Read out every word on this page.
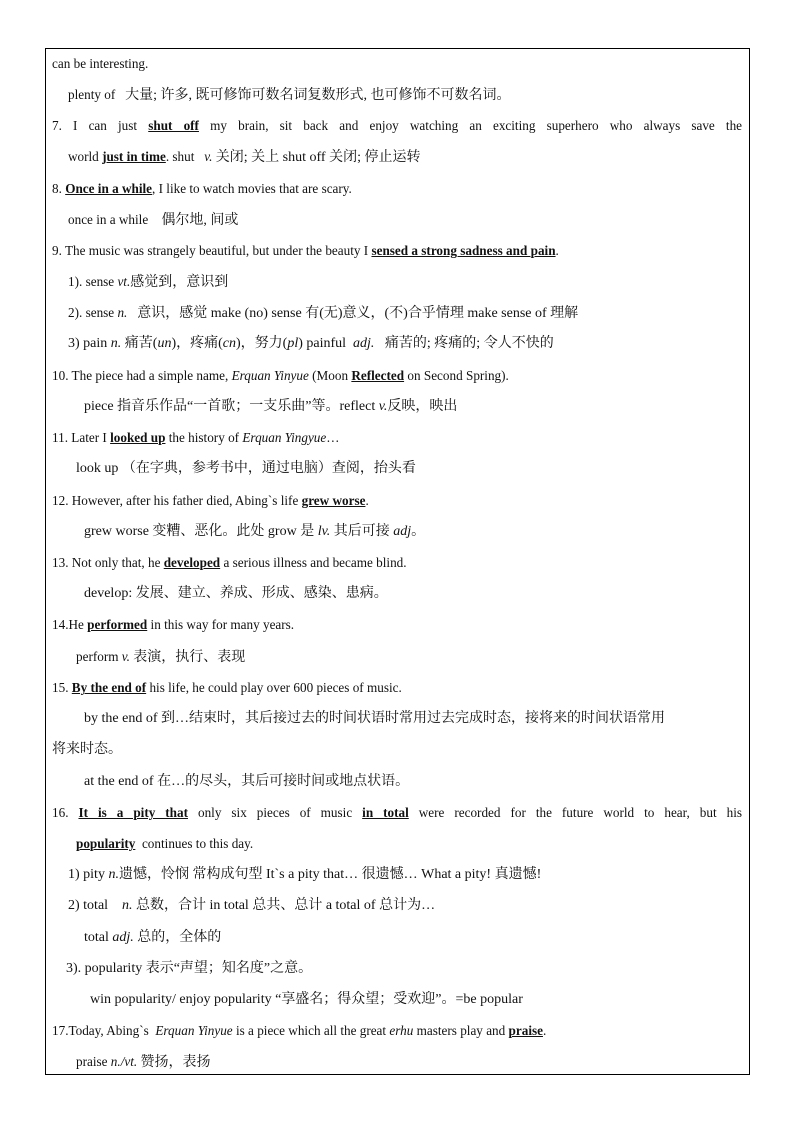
can be interesting.
plenty of 大量; 许多, 既可修饰可数名词复数形式, 也可修饰不可数名词。
7. I can just shut off my brain, sit back and enjoy watching an exciting superhero who always save the
world just in time. shut v. 关闭; 关上 shut off 关闭; 停止运转
8. Once in a while, I like to watch movies that are scary.
once in a while 偶尔地, 间或
9. The music was strangely beautiful, but under the beauty I sensed a strong sadness and pain.
1). sense vt.感觉到，意识到
2). sense n. 意识，感觉 make (no) sense 有(无)意义，(不)合乎情理 make sense of 理解
3) pain n. 痛苦(un)，疼痛(cn)，努力(pl) painful adj. 痛苦的; 疼痛的; 令人不快的
10. The piece had a simple name, Erquan Yinyue (Moon Reflected on Second Spring).
piece 指音乐作品“一首歌；一支乐曲”等。reflect v.反映，映出
11. Later I looked up the history of Erquan Yingyue…
look up （在字典，参考书中，通过电脑）查阅，抬头看
12. However, after his father died, Abing`s life grew worse.
grew worse 变糟、恶化。此处 grow 是 lv. 其后可接 adj。
13. Not only that, he developed a serious illness and became blind.
develop: 发展、建立、养成、形成、感染、患病。
14.He performed in this way for many years.
perform v. 表演，执行、表现
15. By the end of his life, he could play over 600 pieces of music.
by the end of 到…结束时，其后接过去的时间状语时常用过去完成时态，接将来的时间状语常用
将来时态。
at the end of 在…的尽头，其后可接时间或地点状语。
16. It is a pity that only six pieces of music in total were recorded for the future world to hear, but his
popularity continues to this day.
1) pity n.遗憾，怜悯 常构成句型 It`s a pity that… 很遗憾… What a pity! 真遗憾!
2) total n. 总数，合计 in total 总共、总计 a total of 总计为…
total adj. 总的，全体的
3). popularity 表示“声望；知名度”之意。
win popularity/ enjoy popularity “享盛名；得众望；受欢迎”。=be popular
17.Today, Abing`s Erquan Yinyue is a piece which all the great erhu masters play and praise.
praise n./vt. 赞扬，表扬
